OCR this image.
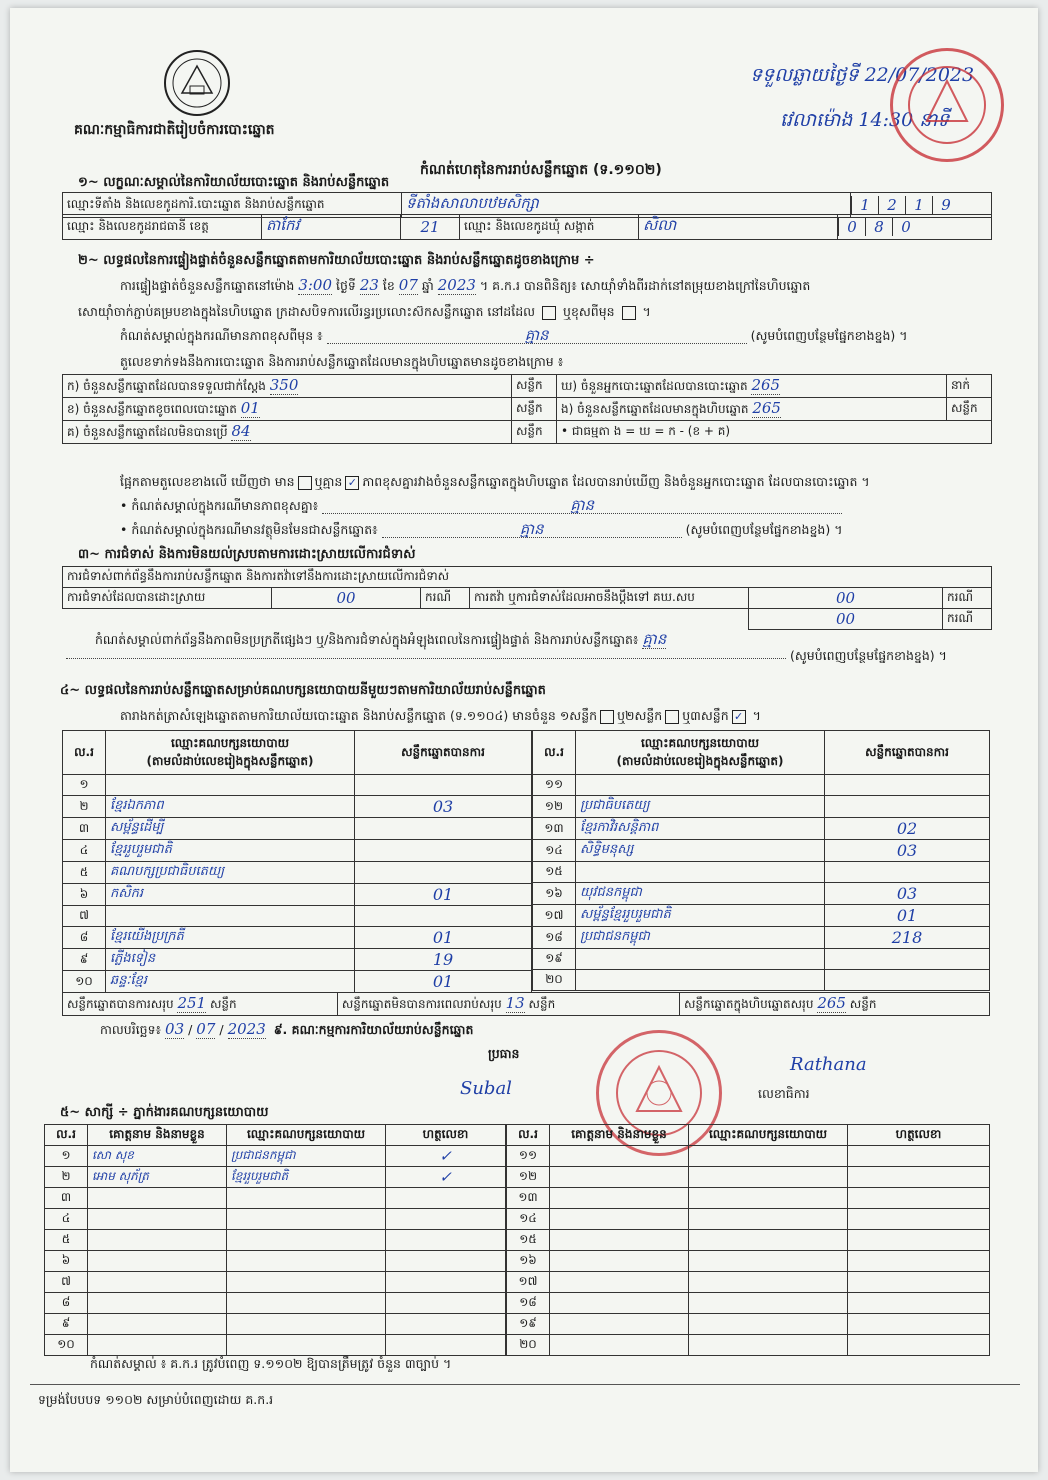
គណៈកម្មាធិការជាតិរៀបចំការបោះឆ្នោត
ទទួលឆ្លាយថ្ងៃទី 22/07/2023
វេលាម៉ោង 14:30 នាទី
កំណត់ហេតុនៃការរាប់សន្លឹកឆ្នោត (ទ.១១០២)
១~ លក្ខណៈសម្គាល់នៃការិយាល័យបោះឆ្នោត និងរាប់សន្លឹកឆ្នោត
ឈ្មោះទីតាំង និងលេខកូដការិ.បោះឆ្នោត និងរាប់សន្លឹកឆ្នោត	ទីតាំងសាលាបឋមសិក្សា	1 2 1 9
ឈ្មោះ និងលេខកូដរាជធានី ខេត្ត	តាកែវ	21	ឈ្មោះ និងលេខកូដឃុំ សង្កាត់	សិលា	0 8 0
២~ លទ្ធផលនៃការផ្ទៀងផ្ទាត់ចំនួនសន្លឹកឆ្នោតតាមការិយាល័យបោះឆ្នោត និងរាប់សន្លឹកឆ្នោតដូចខាងក្រោម ÷
ការផ្ទៀងផ្ទាត់ចំនួនសន្លឹកឆ្នោតនៅម៉ោង 3:00 ថ្ងៃទី 23 ខែ 07 ឆ្នាំ 2023 ។ គ.ក.រ បានពិនិត្យ៖ សោយ៉ាំទាំងពីរដាក់នៅតម្រុយខាងក្រៅនៃហិបឆ្នោត
សោយ៉ាំចាក់ភ្ជាប់គម្របខាងក្នុងនៃហិបឆ្នោត ក្រដាសបិទការលើរន្ធរប្រលោះស៊កសន្លឹកឆ្នោត នៅដដែល ឬខុសពីមុន  ។
កំណត់សម្គាល់ក្នុងករណីមានភាពខុសពីមុន ៖	គ្មាន	(សូមបំពេញបន្ថែមផ្នែកខាងខ្នង) ។
តួលេខទាក់ទងនឹងការបោះឆ្នោត និងការរាប់សន្លឹកឆ្នោតដែលមានក្នុងហិបឆ្នោតមានដូចខាងក្រោម ៖
ក) ចំនួនសន្លឹកឆ្នោតដែលបានទទួលជាក់ស្តែង 350	សន្លឹក	ឃ) ចំនួនអ្នកបោះឆ្នោតដែលបានបោះឆ្នោត 265	នាក់
ខ) ចំនួនសន្លឹកឆ្នោតខូចពេលបោះឆ្នោត 01	សន្លឹក	ង) ចំនួនសន្លឹកឆ្នោតដែលមានក្នុងហិបឆ្នោត 265	សន្លឹក
គ) ចំនួនសន្លឹកឆ្នោតដែលមិនបានប្រើ 84	សន្លឹក	• ជាធម្មតា ង = ឃ = ក - (ខ + គ)	
ផ្អែកតាមតួលេខខាងលើ ឃើញថា មាន ឬគ្មាន ✓ ភាពខុសគ្នារវាងចំនួនសន្លឹកឆ្នោតក្នុងហិបឆ្នោត ដែលបានរាប់ឃើញ និងចំនួនអ្នកបោះឆ្នោត ដែលបានបោះឆ្នោត ។
• កំណត់សម្គាល់ក្នុងករណីមានភាពខុសគ្នា៖	គ្មាន
• កំណត់សម្គាល់ក្នុងករណីមានវត្ថុមិនមែនជាសន្លឹកឆ្នោត៖	គ្មាន	(សូមបំពេញបន្ថែមផ្នែកខាងខ្នង) ។
៣~ ការជំទាស់ និងការមិនយល់ស្របតាមការដោះស្រាយលើការជំទាស់
ការជំទាស់ពាក់ព័ន្ធនឹងការរាប់សន្លឹកឆ្នោត និងការតវ៉ាទៅនឹងការដោះស្រាយលើការជំទាស់					
ការជំទាស់ដែលបានដោះស្រាយ	00	ករណី	ការតវ៉ា ឬការជំទាស់ដែលអាចនឹងប្តឹងទៅ គឃ.សប	00	ករណី
				00	ករណី
កំណត់សម្គាល់ពាក់ព័ន្ធនឹងភាពមិនប្រក្រតីផ្សេងៗ ឬ/និងការជំទាស់ក្នុងអំឡុងពេលនៃការផ្ទៀងផ្ទាត់ និងការរាប់សន្លឹកឆ្នោត៖ គ្មាន
(សូមបំពេញបន្ថែមផ្នែកខាងខ្នង) ។
៤~ លទ្ធផលនៃការរាប់សន្លឹកឆ្នោតសម្រាប់គណបក្សនយោបាយនីមួយៗតាមការិយាល័យរាប់សន្លឹកឆ្នោត
តារាងកត់ត្រាសំឡេងឆ្នោតតាមការិយាល័យបោះឆ្នោត និងរាប់សន្លឹកឆ្នោត (ទ.១១០៤) មានចំនួន ១សន្លឹក ឬ២សន្លឹក ឬ៣សន្លឹក ✓ ។
ល.រ	ឈ្មោះគណបក្សនយោបាយ
(តាមលំដាប់លេខរៀងក្នុងសន្លឹកឆ្នោត)	សន្លឹកឆ្នោតបានការ
១		
២	ខ្មែរឯកភាព	03
៣	សម្ព័ន្ធដើម្បី	
៤	ខ្មែររួបរួមជាតិ	
៥	គណបក្សប្រជាធិបតេយ្យ	
៦	កសិករ	01
៧		
៨	ខ្មែរយើងប្រក្រតី	01
៩	ភ្លើងទៀន	19
១០	ឆន្ទៈខ្មែរ	01
ល.រ	ឈ្មោះគណបក្សនយោបាយ
(តាមលំដាប់លេខរៀងក្នុងសន្លឹកឆ្នោត)	សន្លឹកឆ្នោតបានការ
១១		
១២	ប្រជាធិបតេយ្យ	
១៣	ខ្មែរកាវិរសន្តិភាព	02
១៤	សិទ្ធិមនុស្ស	03
១៥		
១៦	យុវជនកម្ពុជា	03
១៧	សម្ព័ន្ធខ្មែររួបរួមជាតិ	01
១៨	ប្រជាជនកម្ពុជា	218
១៩		
២០		
សន្លឹកឆ្នោតបានការសរុប 251 សន្លឹក	សន្លឹកឆ្នោតមិនបានការពេលរាប់សរុប 13 សន្លឹក	សន្លឹកឆ្នោតក្នុងហិបឆ្នោតសរុប 265 សន្លឹក
កាលបរិច្ឆេទ៖ 03 / 07 / 2023 ៩. គណៈកម្មការការិយាល័យរាប់សន្លឹកឆ្នោត
ប្រធាន
Subal
Rathana
លេខាធិការ
៥~ សាក្សី ÷ ភ្នាក់ងារគណបក្សនយោបាយ
ល.រ	គោត្តនាម និងនាមខ្លួន	ឈ្មោះគណបក្សនយោបាយ	ហត្ថលេខា
១	សោ សុខ	ប្រជាជនកម្ពុជា	✓
២	អោម សុភ័ត្រ	ខ្មែររួបរួមជាតិ	✓
៣			
៤			
៥			
៦			
៧			
៨			
៩			
១០			
ល.រ	គោត្តនាម និងនាមខ្លួន	ឈ្មោះគណបក្សនយោបាយ	ហត្ថលេខា
១១			
១២			
១៣			
១៤			
១៥			
១៦			
១៧			
១៨			
១៩			
២០			
កំណត់សម្គាល់ ៖ គ.ក.រ ត្រូវបំពេញ ទ.១១០២ ឱ្យបានត្រឹមត្រូវ ចំនួន ៣ច្បាប់ ។
ទម្រង់បែបបទ ១១០២ សម្រាប់បំពេញដោយ គ.ក.រ
